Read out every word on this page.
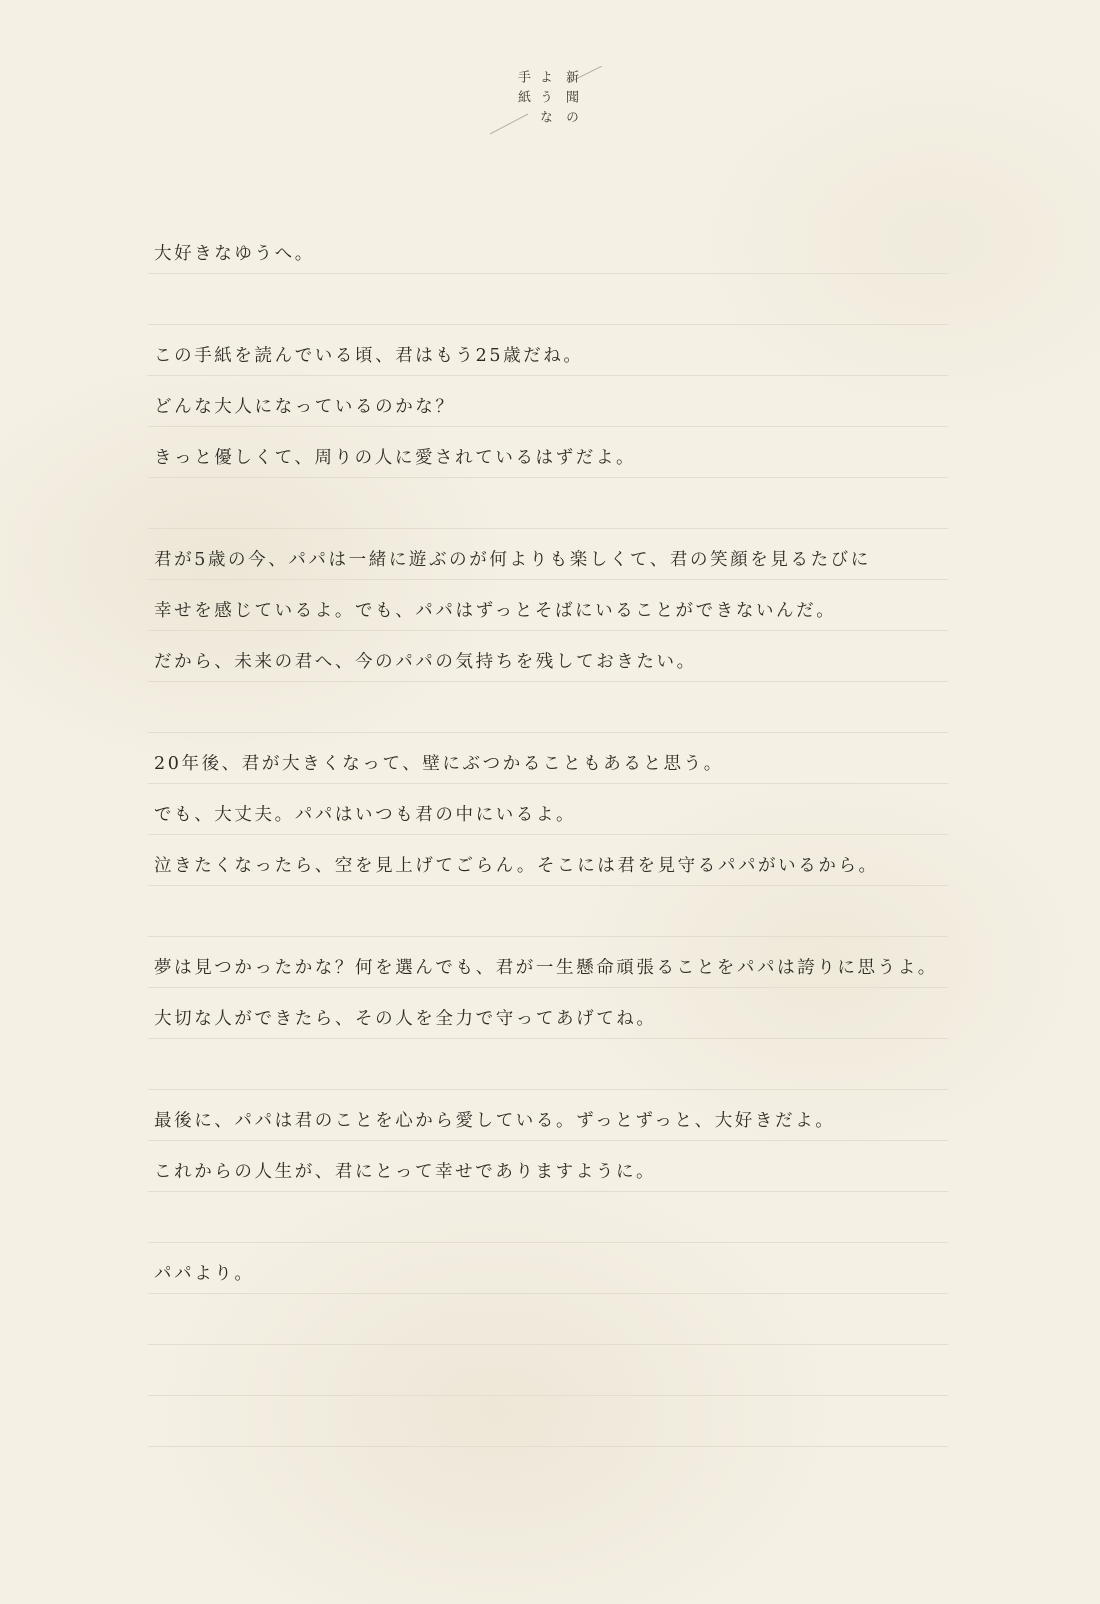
新聞の
ような
手紙
大好きなゆうへ。
この手紙を読んでいる頃、君はもう25歳だね。
どんな大人になっているのかな？
きっと優しくて、周りの人に愛されているはずだよ。
君が5歳の今、パパは一緒に遊ぶのが何よりも楽しくて、君の笑顔を見るたびに
幸せを感じているよ。でも、パパはずっとそばにいることができないんだ。
だから、未来の君へ、今のパパの気持ちを残しておきたい。
20年後、君が大きくなって、壁にぶつかることもあると思う。
でも、大丈夫。パパはいつも君の中にいるよ。
泣きたくなったら、空を見上げてごらん。そこには君を見守るパパがいるから。
夢は見つかったかな？何を選んでも、君が一生懸命頑張ることをパパは誇りに思うよ。
大切な人ができたら、その人を全力で守ってあげてね。
最後に、パパは君のことを心から愛している。ずっとずっと、大好きだよ。
これからの人生が、君にとって幸せでありますように。
パパより。
